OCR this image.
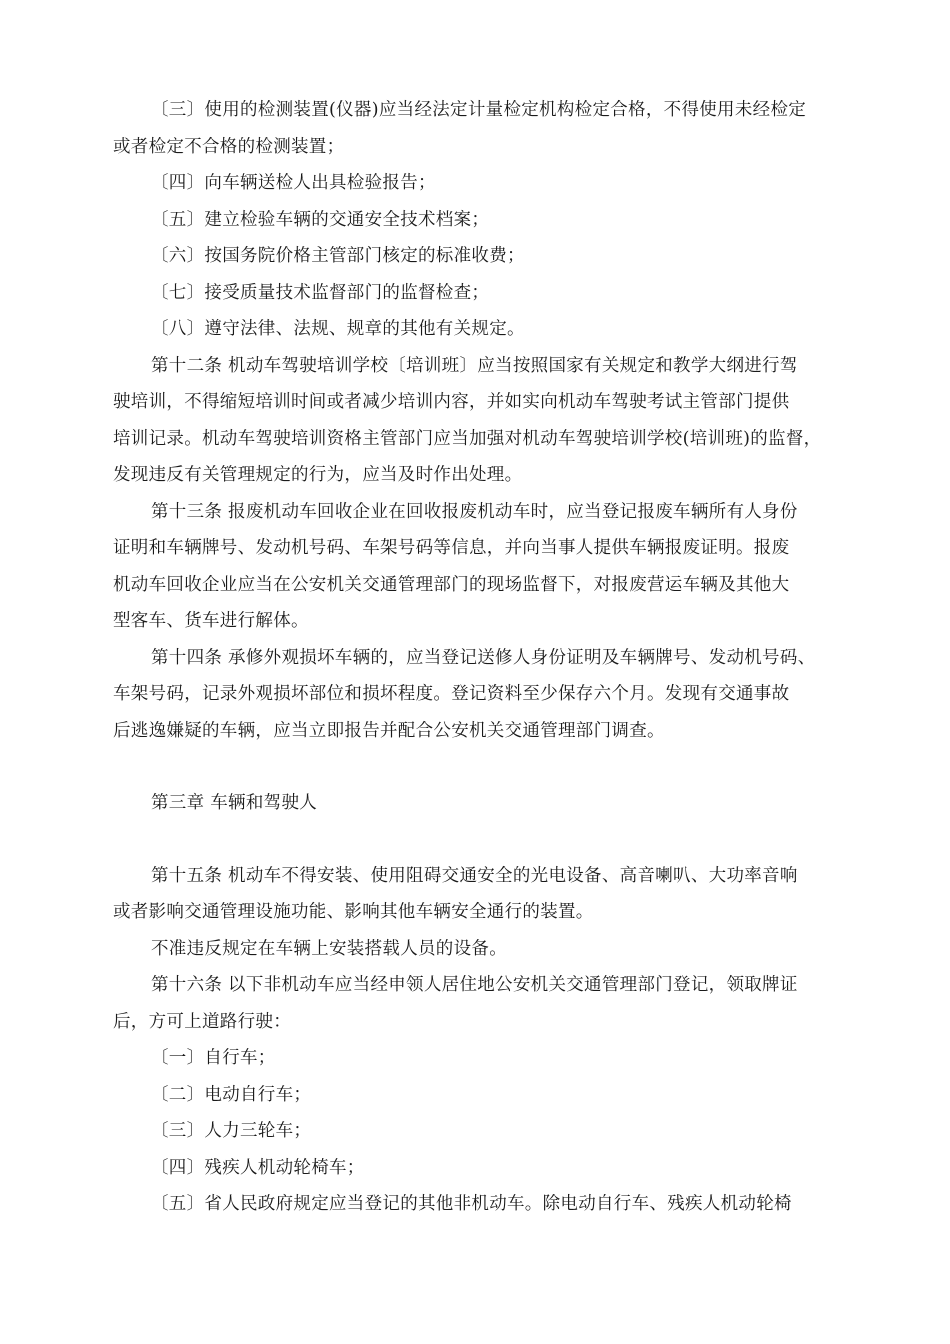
〔三〕使用的检测装置(仪器)应当经法定计量检定机构检定合格，不得使用未经检定
或者检定不合格的检测装置；
〔四〕向车辆送检人出具检验报告；
〔五〕建立检验车辆的交通安全技术档案；
〔六〕按国务院价格主管部门核定的标准收费；
〔七〕接受质量技术监督部门的监督检查；
〔八〕遵守法律、法规、规章的其他有关规定。
第十二条 机动车驾驶培训学校〔培训班〕应当按照国家有关规定和教学大纲进行驾
驶培训，不得缩短培训时间或者减少培训内容，并如实向机动车驾驶考试主管部门提供
培训记录。机动车驾驶培训资格主管部门应当加强对机动车驾驶培训学校(培训班)的监督，
发现违反有关管理规定的行为，应当及时作出处理。
第十三条 报废机动车回收企业在回收报废机动车时，应当登记报废车辆所有人身份
证明和车辆牌号、发动机号码、车架号码等信息，并向当事人提供车辆报废证明。报废
机动车回收企业应当在公安机关交通管理部门的现场监督下，对报废营运车辆及其他大
型客车、货车进行解体。
第十四条 承修外观损坏车辆的，应当登记送修人身份证明及车辆牌号、发动机号码、
车架号码，记录外观损坏部位和损坏程度。登记资料至少保存六个月。发现有交通事故
后逃逸嫌疑的车辆，应当立即报告并配合公安机关交通管理部门调查。
第三章 车辆和驾驶人
第十五条 机动车不得安装、使用阻碍交通安全的光电设备、高音喇叭、大功率音响
或者影响交通管理设施功能、影响其他车辆安全通行的装置。
不准违反规定在车辆上安装搭载人员的设备。
第十六条 以下非机动车应当经申领人居住地公安机关交通管理部门登记，领取牌证
后，方可上道路行驶：
〔一〕自行车；
〔二〕电动自行车；
〔三〕人力三轮车；
〔四〕残疾人机动轮椅车；
〔五〕省人民政府规定应当登记的其他非机动车。除电动自行车、残疾人机动轮椅
